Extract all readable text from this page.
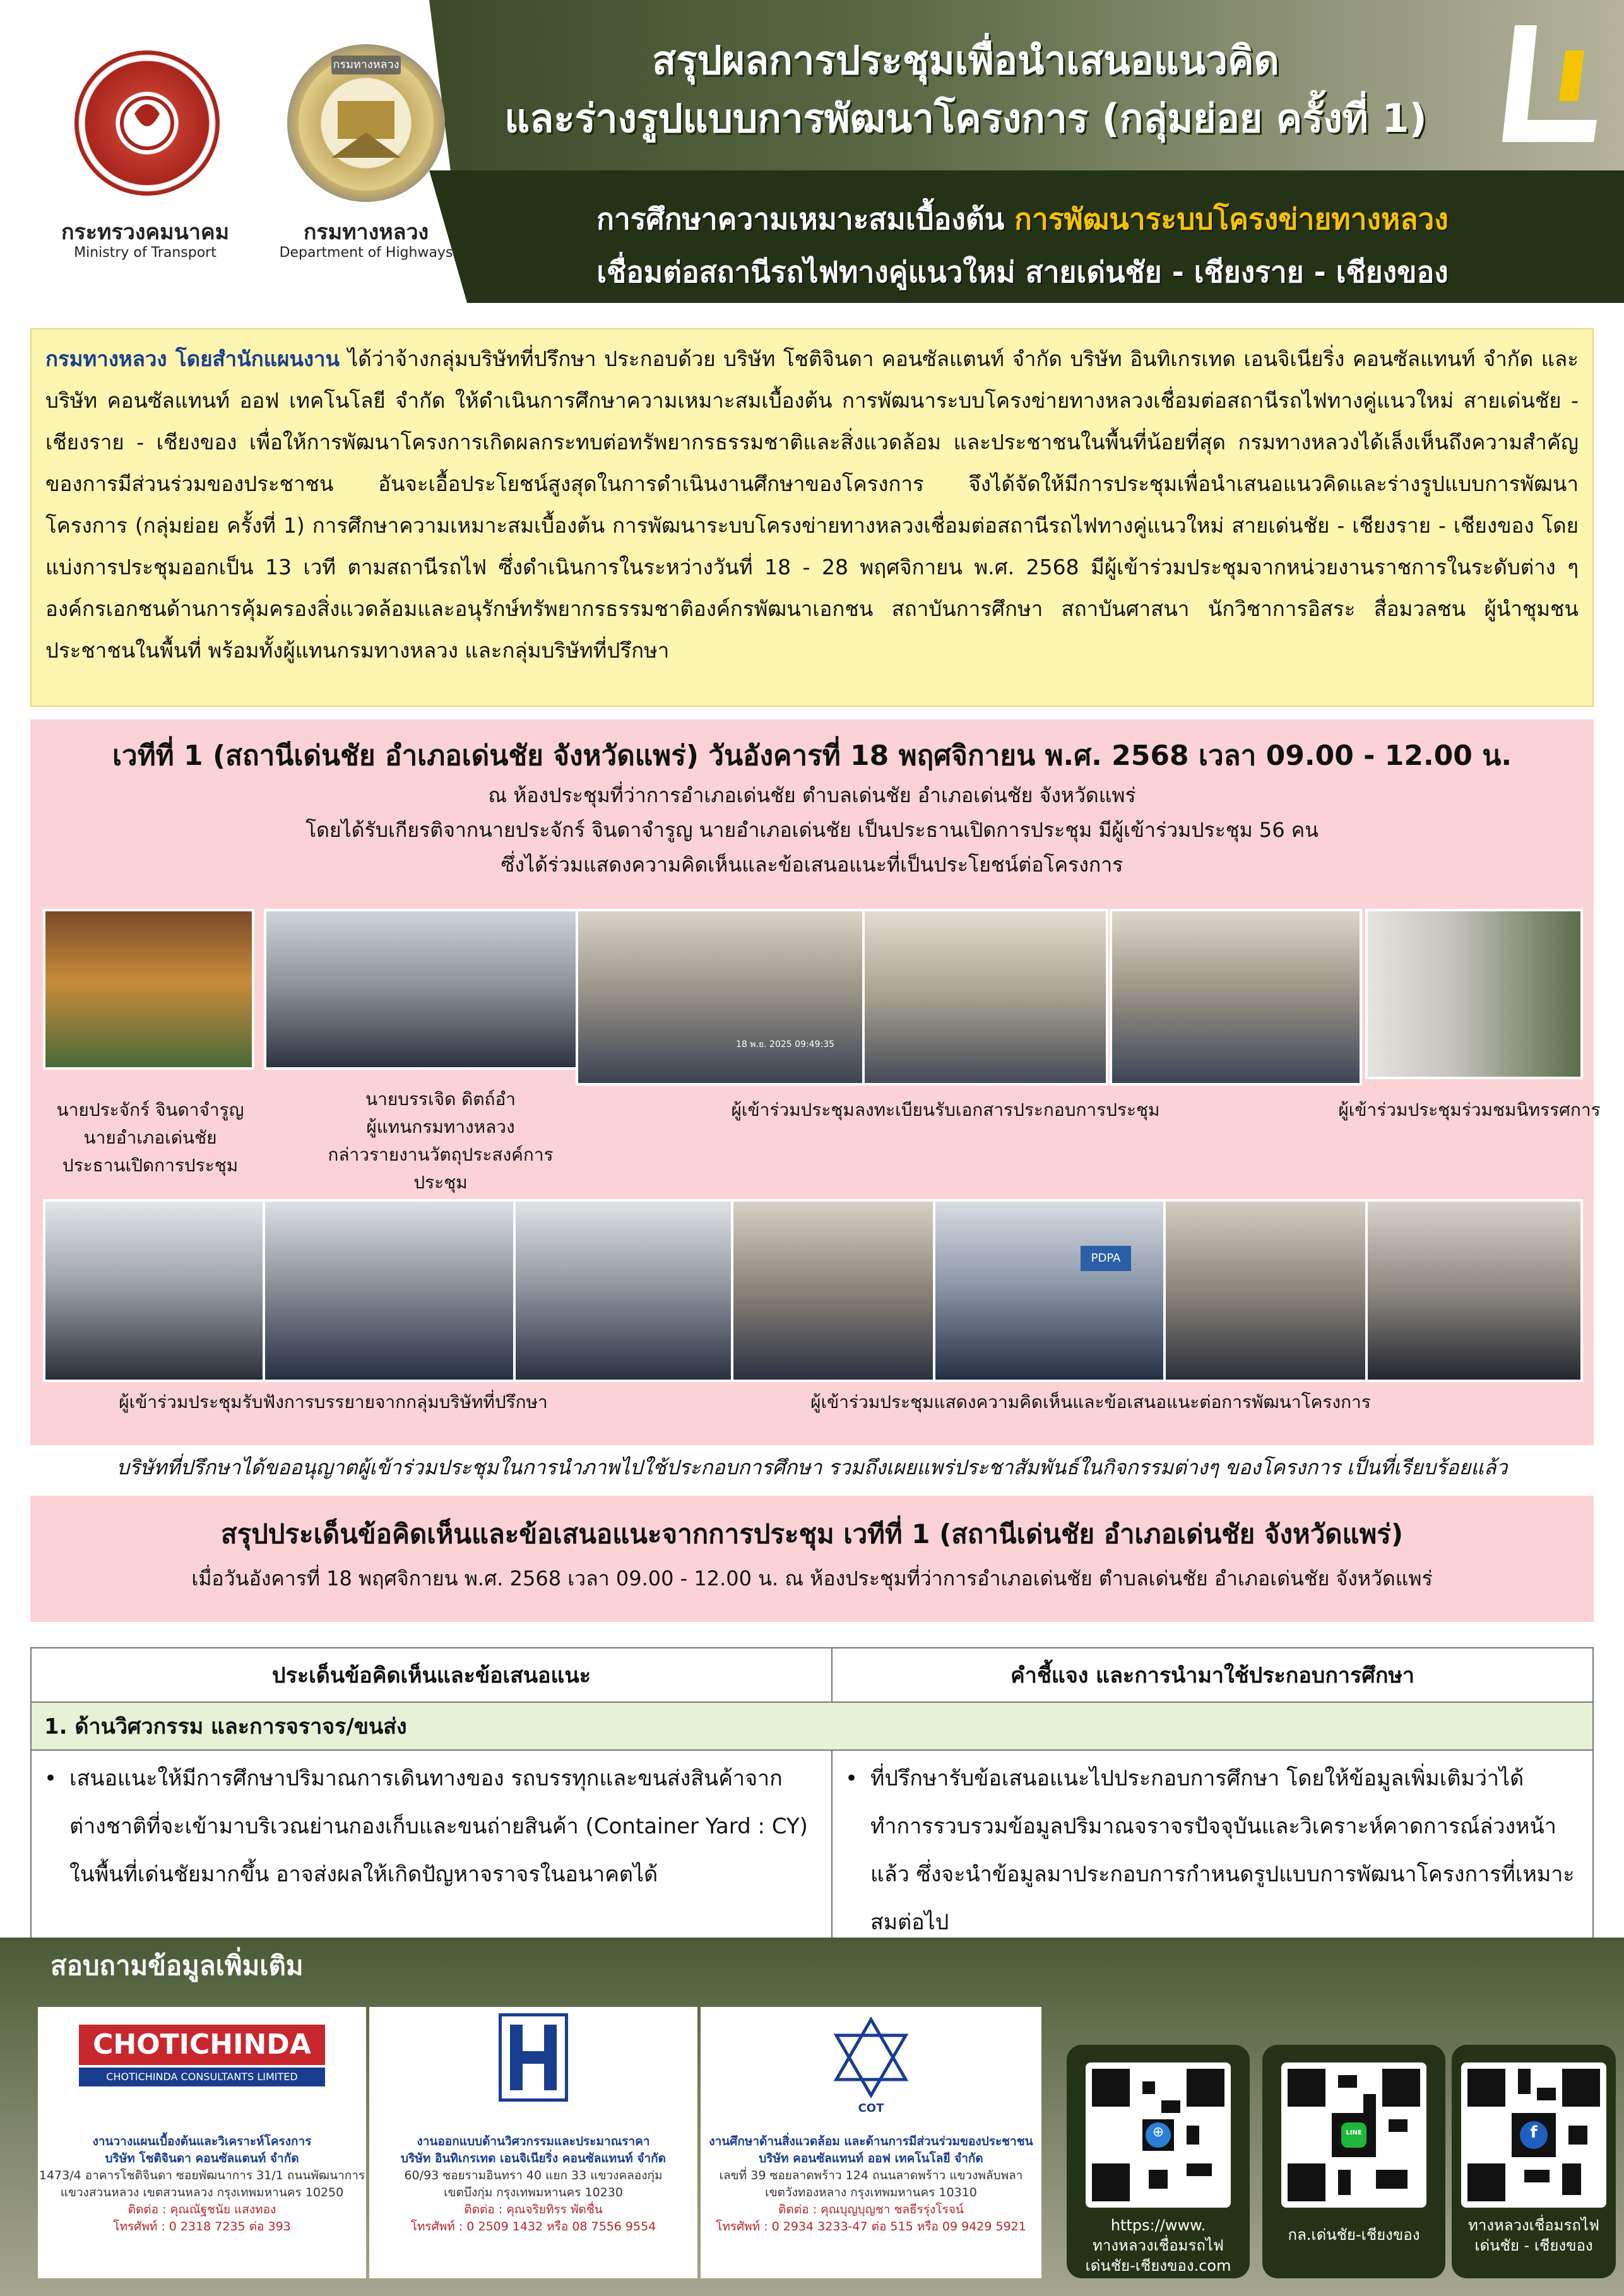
กระทรวงคมนาคม
Ministry of Transport
กรมทางหลวง
กรมทางหลวง
Department of Highways
สรุปผลการประชุมเพื่อนำเสนอแนวคิด
และร่างรูปแบบการพัฒนาโครงการ (กลุ่มย่อย ครั้งที่ 1)
การศึกษาความเหมาะสมเบื้องต้น การพัฒนาระบบโครงข่ายทางหลวง
เชื่อมต่อสถานีรถไฟทางคู่แนวใหม่ สายเด่นชัย - เชียงราย - เชียงของ
กรมทางหลวง โดยสำนักแผนงาน ได้ว่าจ้างกลุ่มบริษัทที่ปรึกษา ประกอบด้วย บริษัท โชติจินดา คอนซัลแตนท์ จำกัด บริษัท อินทิเกรเทด เอนจิเนียริ่ง คอนซัลแทนท์ จำกัด และบริษัท คอนซัลแทนท์ ออฟ เทคโนโลยี จำกัด ให้ดำเนินการศึกษาความเหมาะสมเบื้องต้น การพัฒนาระบบโครงข่ายทางหลวงเชื่อมต่อสถานีรถไฟทางคู่แนวใหม่ สายเด่นชัย - เชียงราย - เชียงของ เพื่อให้การพัฒนาโครงการเกิดผลกระทบต่อทรัพยากรธรรมชาติและสิ่งแวดล้อม และประชาชนในพื้นที่น้อยที่สุด กรมทางหลวงได้เล็งเห็นถึงความสำคัญของการมีส่วนร่วมของประชาชน อันจะเอื้อประโยชน์สูงสุดในการดำเนินงานศึกษาของโครงการ จึงได้จัดให้มีการประชุมเพื่อนำเสนอแนวคิดและร่างรูปแบบการพัฒนาโครงการ (กลุ่มย่อย ครั้งที่ 1) การศึกษาความเหมาะสมเบื้องต้น การพัฒนาระบบโครงข่ายทางหลวงเชื่อมต่อสถานีรถไฟทางคู่แนวใหม่ สายเด่นชัย - เชียงราย - เชียงของ โดยแบ่งการประชุมออกเป็น 13 เวที ตามสถานีรถไฟ ซึ่งดำเนินการในระหว่างวันที่ 18 - 28 พฤศจิกายน พ.ศ. 2568 มีผู้เข้าร่วมประชุมจากหน่วยงานราชการในระดับต่าง ๆ องค์กรเอกชนด้านการคุ้มครองสิ่งแวดล้อมและอนุรักษ์ทรัพยากรธรรมชาติองค์กรพัฒนาเอกชน สถาบันการศึกษา สถาบันศาสนา นักวิชาการอิสระ สื่อมวลชน ผู้นำชุมชน ประชาชนในพื้นที่ พร้อมทั้งผู้แทนกรมทางหลวง และกลุ่มบริษัทที่ปรึกษา
เวทีที่ 1 (สถานีเด่นชัย อำเภอเด่นชัย จังหวัดแพร่) วันอังคารที่ 18 พฤศจิกายน พ.ศ. 2568 เวลา 09.00 - 12.00 น.
ณ ห้องประชุมที่ว่าการอำเภอเด่นชัย ตำบลเด่นชัย อำเภอเด่นชัย จังหวัดแพร่
โดยได้รับเกียรติจากนายประจักร์ จินดาจำรูญ นายอำเภอเด่นชัย เป็นประธานเปิดการประชุม มีผู้เข้าร่วมประชุม 56 คน
ซึ่งได้ร่วมแสดงความคิดเห็นและข้อเสนอแนะที่เป็นประโยชน์ต่อโครงการ
18 พ.ย. 2025 09:49:35
นายประจักร์ จินดาจำรูญ
นายอำเภอเด่นชัย
ประธานเปิดการประชุม
นายบรรเจิด ดิตถ์อำ
ผู้แทนกรมทางหลวง
กล่าวรายงานวัตถุประสงค์การประชุม
ผู้เข้าร่วมประชุมลงทะเบียนรับเอกสารประกอบการประชุม	ผู้เข้าร่วมประชุมร่วมชมนิทรรศการ
PDPA
ผู้เข้าร่วมประชุมรับฟังการบรรยายจากกลุ่มบริษัทที่ปรึกษา	ผู้เข้าร่วมประชุมแสดงความคิดเห็นและข้อเสนอแนะต่อการพัฒนาโครงการ
บริษัทที่ปรึกษาได้ขออนุญาตผู้เข้าร่วมประชุมในการนำภาพไปใช้ประกอบการศึกษา รวมถึงเผยแพร่ประชาสัมพันธ์ในกิจกรรมต่างๆ ของโครงการ เป็นที่เรียบร้อยแล้ว
สรุปประเด็นข้อคิดเห็นและข้อเสนอแนะจากการประชุม เวทีที่ 1 (สถานีเด่นชัย อำเภอเด่นชัย จังหวัดแพร่)
เมื่อวันอังคารที่ 18 พฤศจิกายน พ.ศ. 2568 เวลา 09.00 - 12.00 น. ณ ห้องประชุมที่ว่าการอำเภอเด่นชัย ตำบลเด่นชัย อำเภอเด่นชัย จังหวัดแพร่
ประเด็นข้อคิดเห็นและข้อเสนอแนะ	คำชี้แจง และการนำมาใช้ประกอบการศึกษา
1. ด้านวิศวกรรม และการจราจร/ขนส่ง	

• เสนอแนะให้มีการศึกษาปริมาณการเดินทางของ รถบรรทุกและขนส่งสินค้าจากต่างชาติที่จะเข้ามาบริเวณย่านกองเก็บและขนถ่ายสินค้า (Container Yard : CY) ในพื้นที่เด่นชัยมากขึ้น อาจส่งผลให้เกิดปัญหาจราจรในอนาคตได้	• ที่ปรึกษารับข้อเสนอแนะไปประกอบการศึกษา โดยให้ข้อมูลเพิ่มเติมว่าได้ทำการรวบรวมข้อมูลปริมาณจราจรปัจจุบันและวิเคราะห์คาดการณ์ล่วงหน้าแล้ว ซึ่งจะนำข้อมูลมาประกอบการกำหนดรูปแบบการพัฒนาโครงการที่เหมาะสมต่อไป
สอบถามข้อมูลเพิ่มเติม
CHOTICHINDA
CHOTICHINDA CONSULTANTS LIMITED
งานวางแผนเบื้องต้นและวิเคราะห์โครงการ
บริษัท โชติจินดา คอนซัลแตนท์ จำกัด
1473/4 อาคารโชติจินดา ซอยพัฒนาการ 31/1 ถนนพัฒนาการ
แขวงสวนหลวง เขตสวนหลวง กรุงเทพมหานคร 10250
ติดต่อ : คุณณัฐชนัย แสงทอง
โทรศัพท์ : 0 2318 7235 ต่อ 393
งานออกแบบด้านวิศวกรรมและประมาณราคา
บริษัท อินทิเกรเทด เอนจิเนียริ่ง คอนซัลแทนท์ จำกัด
60/93 ซอยรามอินทรา 40 แยก 33 แขวงคลองกุ่ม
เขตบึงกุ่ม กรุงเทพมหานคร 10230
ติดต่อ : คุณจริยทิรร พัดชื่น
โทรศัพท์ : 0 2509 1432 หรือ 08 7556 9554
COT
งานศึกษาด้านสิ่งแวดล้อม และด้านการมีส่วนร่วมของประชาชน
บริษัท คอนซัลแทนท์ ออฟ เทคโนโลยี จำกัด
เลขที่ 39 ซอยลาดพร้าว 124 ถนนลาดพร้าว แขวงพลับพลา
เขตวังทองหลาง กรุงเทพมหานคร 10310
ติดต่อ : คุณบุญบุญชา ชลธีรรุ่งโรจน์
โทรศัพท์ : 0 2934 3233-47 ต่อ 515 หรือ 09 9429 5921
⊕
https://www.
ทางหลวงเชื่อมรถไฟ
เด่นชัย-เชียงของ.com
LINE
กล.เด่นชัย-เชียงของ
f
ทางหลวงเชื่อมรถไฟ
เด่นชัย - เชียงของ
